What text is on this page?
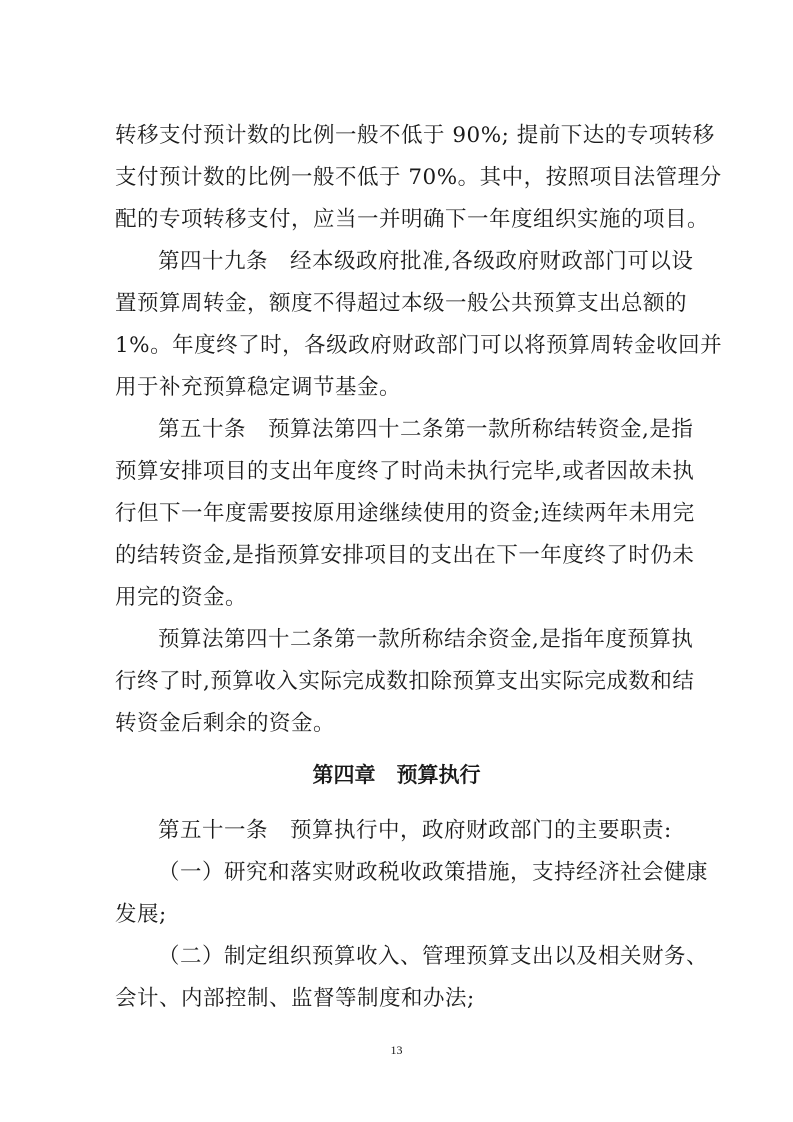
转移支付预计数的比例一般不低于 90%; 提前下达的专项转移
支付预计数的比例一般不低于 70%。其中，按照项目法管理分
配的专项转移支付，应当一并明确下一年度组织实施的项目。
第四十九条　经本级政府批准,各级政府财政部门可以设
置预算周转金，额度不得超过本级一般公共预算支出总额的
1%。年度终了时，各级政府财政部门可以将预算周转金收回并
用于补充预算稳定调节基金。
第五十条　预算法第四十二条第一款所称结转资金,是指
预算安排项目的支出年度终了时尚未执行完毕,或者因故未执
行但下一年度需要按原用途继续使用的资金;连续两年未用完
的结转资金,是指预算安排项目的支出在下一年度终了时仍未
用完的资金。
预算法第四十二条第一款所称结余资金,是指年度预算执
行终了时,预算收入实际完成数扣除预算支出实际完成数和结
转资金后剩余的资金。
第四章　预算执行
第五十一条　预算执行中，政府财政部门的主要职责:
（一）研究和落实财政税收政策措施，支持经济社会健康
发展;
（二）制定组织预算收入、管理预算支出以及相关财务、
会计、内部控制、监督等制度和办法;
13
